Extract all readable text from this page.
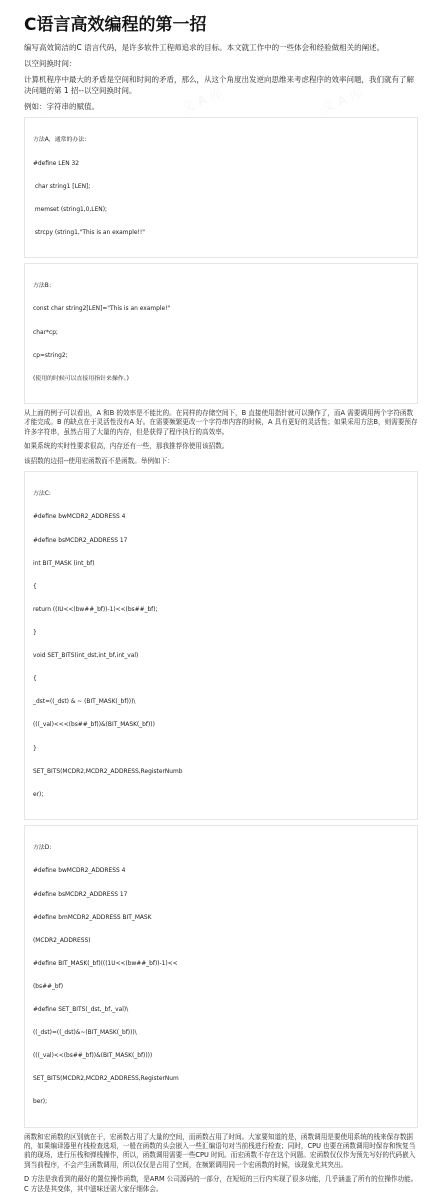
C语言高效编程的第一招

编写高效简洁的C 语言代码，是许多软件工程师追求的目标。本文就工作中的一些体会和经验做相关的阐述。

以空间换时间：

计算机程序中最大的矛盾是空间和时间的矛盾，那么，从这个角度出发逆向思维来考虑程序的效率问题，我们就有了解决问题的第 1 招--以空间换时间。

例如：字符串的赋值。

方法A，通常的办法：

#define LEN 32

char string1 [LEN];

memset (string1,0,LEN);

strcpy (string1,"This is an example!!"

方法B：

const char string2[LEN]="This is an example!"

char*cp;

cp=string2;

(使用的时候可以直接用指针来操作。)

从上面的例子可以看出，A 和B 的效率是不能比的。在同样的存储空间下，B 直接使用指针就可以操作了，而A 需要调用两个字符函数才能完成。B 的缺点在于灵活性没有A 好。在需要频繁更改一个字符串内容的时候，A 具有更好的灵活性；如果采用方法B，则需要预存许多字符串，虽然占用了大量的内存，但是获得了程序执行的高效率。

如果系统的实时性要求很高，内存还有一些，那我推荐你使用该招数。

该招数的边招--使用宏函数而不是函数。举例如下：

方法C:

#define bwMCDR2_ADDRESS 4

#define bsMCDR2_ADDRESS 17

int BIT_MASK (int_bf)

{

return ((IU<<(bw##_bf))-1)<<(bs##_bf);

}

void SET_BITS(int_dst,int_bf,int_val)

{

_dst=((_dst) & ~ (BIT_MASK(_bf)))\

(((_val)<<<(bs##_bf))&(BIT_MASK(_bf)))

}

SET_BITS(MCDR2,MCDR2_ADDRESS,RegisterNumb

er);

方法D:

#define bwMCDR2_ADDRESS 4

#define bsMCDR2_ADDRESS 17

#define bmMCDR2_ADDRESS BIT_MASK

(MCDR2_ADDRESS)

#define BIT_MASK(_bf)(((1U<<(bw##_bf))-1)<<

(bs##_bf)

#define SET_BITS(_dst,_bf,_val)\

((_dst)=((_dst)&~(BIT_MASK(_bf)))\

(((_val)<<(bs##_bf))&(BIT_MASK(_bf))))

SET_BITS(MCDR2,MCDR2_ADDRESS,RegisterNum

ber);

函数和宏函数的区别就在于，宏函数占用了大量的空间，而函数占用了时间。大家要知道的是，函数调用是要使用系统的栈来保存数据的，如果编译器里有栈检查选项，一般在函数的头会嵌入一些汇编语句对当前栈进行检查；同时，CPU 也要在函数调用时保存和恢复当前的现场，进行压栈和弹栈操作，所以，函数调用需要一些CPU 时间。而宏函数不存在这个问题。宏函数仅仅作为预先写好的代码嵌入到当前程序，不会产生函数调用，所以仅仅是占用了空间，在频繁调用同一个宏函数的时候，该现象尤其突出。

D 方法是我看到的最好的置位操作函数，是ARM 公司源码的一部分，在短短的三行内实现了很多功能，几乎涵盖了所有的位操作功能。C 方法是其变体，其中滋味还需大家仔细体会。
